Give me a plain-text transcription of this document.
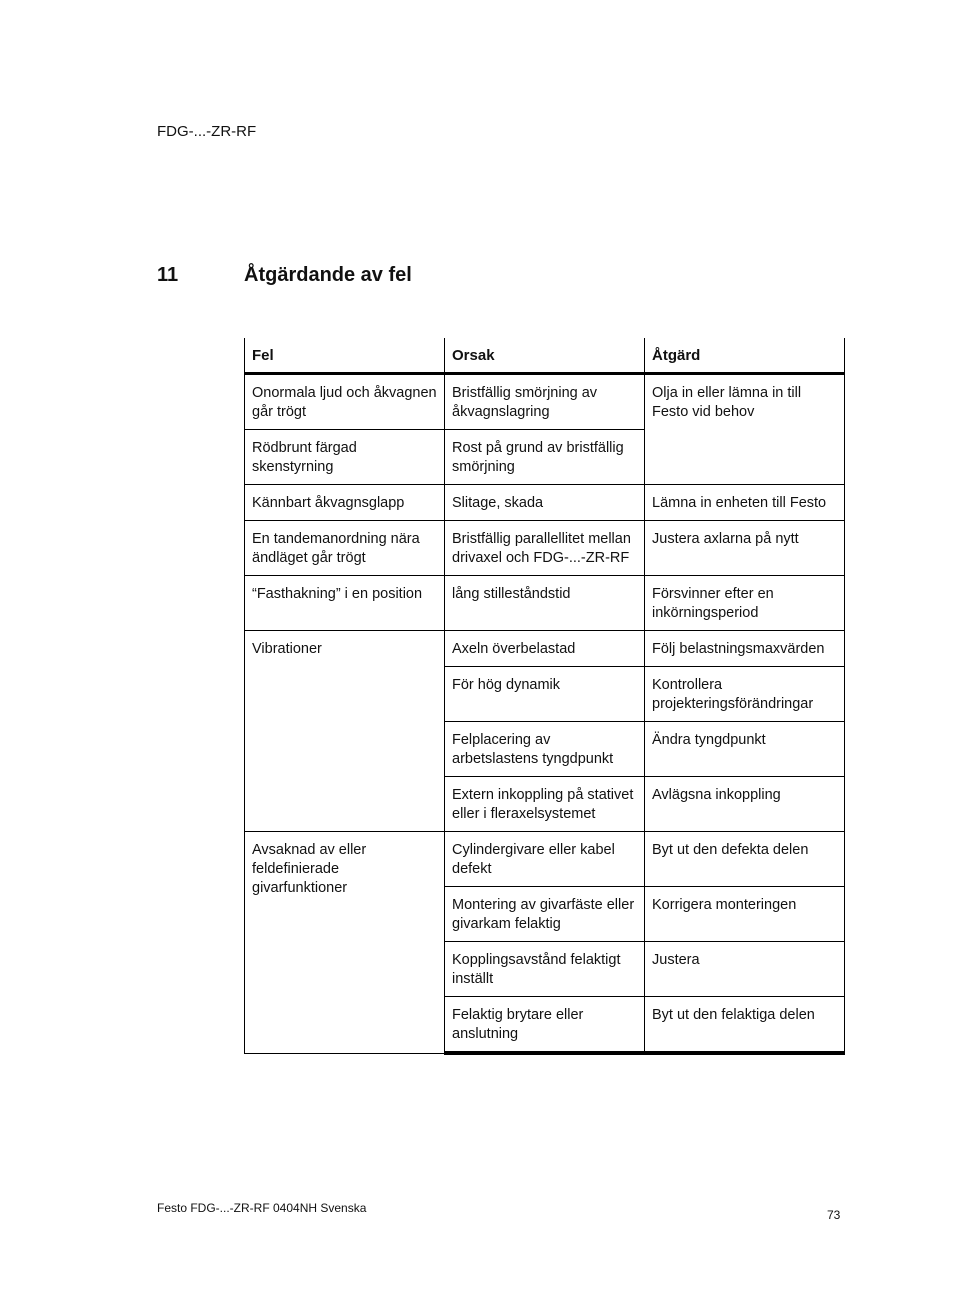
FDG-...-ZR-RF
11	Åtgärdande av fel
Fel	Orsak	Åtgärd
Onormala ljud och åkvagnen går trögt	Bristfällig smörjning av åkvagnslagring	Olja in eller lämna in till Festo vid behov
Rödbrunt färgad skenstyrning	Rost på grund av bristfällig smörjning	
Kännbart åkvagnsglapp	Slitage, skada	Lämna in enheten till Festo
En tandemanordning nära ändläget går trögt	Bristfällig parallellitet mellan drivaxel och FDG-...-ZR-RF	Justera axlarna på nytt
“Fasthakning” i en position	lång stilleståndstid	Försvinner efter en inkörningsperiod
Vibrationer	Axeln överbelastad	Följ belastningsmaxvärden
	För hög dynamik	Kontrollera projekteringsförändringar
	Felplacering av arbetslastens tyngdpunkt	Ändra tyngdpunkt
	Extern inkoppling på stativet eller i fleraxelsystemet	Avlägsna inkoppling
Avsaknad av eller feldefinierade givarfunktioner	Cylindergivare eller kabel defekt	Byt ut den defekta delen
	Montering av givarfäste eller givarkam felaktig	Korrigera monteringen
	Kopplingsavstånd felaktigt inställt	Justera
	Felaktig brytare eller anslutning	Byt ut den felaktiga delen
Festo FDG-...-ZR-RF 0404NH Svenska	73
